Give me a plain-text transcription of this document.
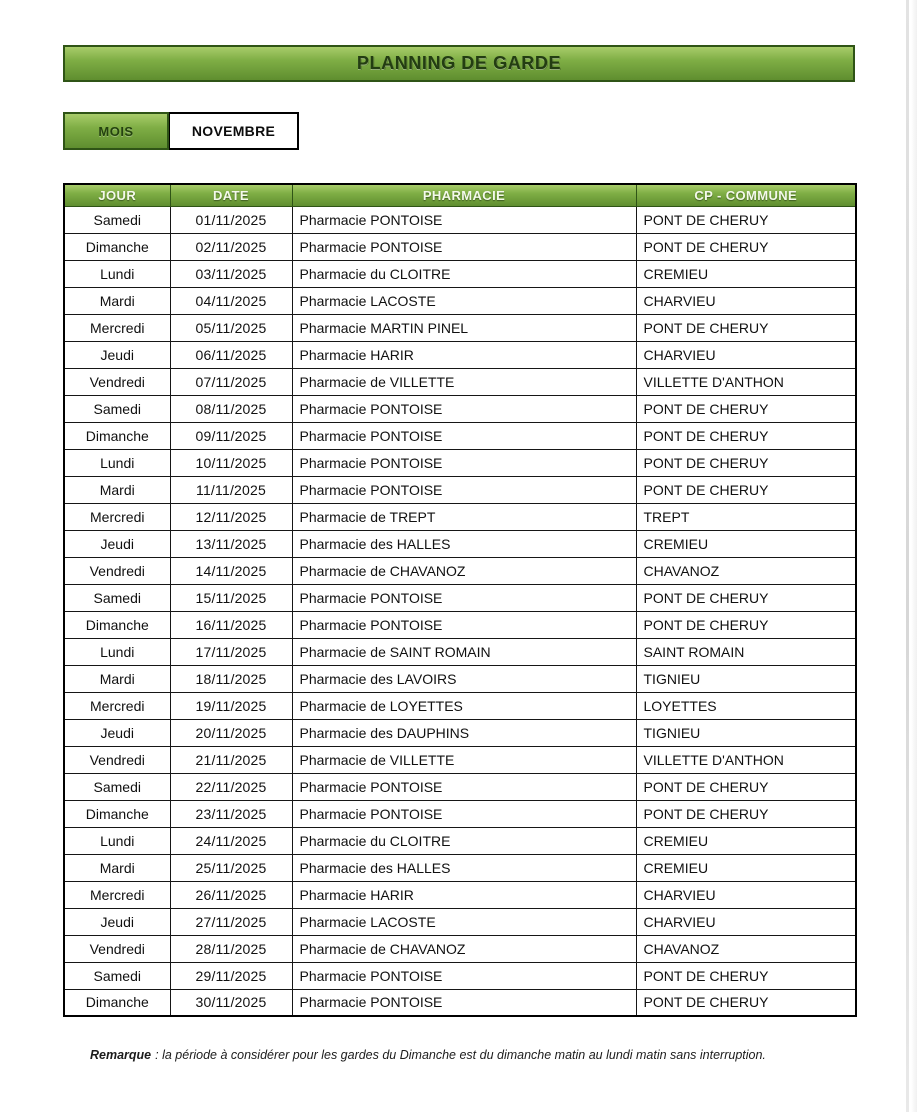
PLANNING DE GARDE
MOIS	NOVEMBRE
JOUR	DATE	PHARMACIE	CP - COMMUNE
Samedi	01/11/2025	Pharmacie PONTOISE	PONT DE CHERUY
Dimanche	02/11/2025	Pharmacie PONTOISE	PONT DE CHERUY
Lundi	03/11/2025	Pharmacie du CLOITRE	CREMIEU
Mardi	04/11/2025	Pharmacie LACOSTE	CHARVIEU
Mercredi	05/11/2025	Pharmacie MARTIN PINEL	PONT DE CHERUY
Jeudi	06/11/2025	Pharmacie HARIR	CHARVIEU
Vendredi	07/11/2025	Pharmacie de VILLETTE	VILLETTE D'ANTHON
Samedi	08/11/2025	Pharmacie PONTOISE	PONT DE CHERUY
Dimanche	09/11/2025	Pharmacie PONTOISE	PONT DE CHERUY
Lundi	10/11/2025	Pharmacie PONTOISE	PONT DE CHERUY
Mardi	11/11/2025	Pharmacie PONTOISE	PONT DE CHERUY
Mercredi	12/11/2025	Pharmacie de TREPT	TREPT
Jeudi	13/11/2025	Pharmacie des HALLES	CREMIEU
Vendredi	14/11/2025	Pharmacie de CHAVANOZ	CHAVANOZ
Samedi	15/11/2025	Pharmacie PONTOISE	PONT DE CHERUY
Dimanche	16/11/2025	Pharmacie PONTOISE	PONT DE CHERUY
Lundi	17/11/2025	Pharmacie de SAINT ROMAIN	SAINT ROMAIN
Mardi	18/11/2025	Pharmacie des LAVOIRS	TIGNIEU
Mercredi	19/11/2025	Pharmacie de LOYETTES	LOYETTES
Jeudi	20/11/2025	Pharmacie des DAUPHINS	TIGNIEU
Vendredi	21/11/2025	Pharmacie de VILLETTE	VILLETTE D'ANTHON
Samedi	22/11/2025	Pharmacie PONTOISE	PONT DE CHERUY
Dimanche	23/11/2025	Pharmacie PONTOISE	PONT DE CHERUY
Lundi	24/11/2025	Pharmacie du CLOITRE	CREMIEU
Mardi	25/11/2025	Pharmacie des HALLES	CREMIEU
Mercredi	26/11/2025	Pharmacie HARIR	CHARVIEU
Jeudi	27/11/2025	Pharmacie LACOSTE	CHARVIEU
Vendredi	28/11/2025	Pharmacie de CHAVANOZ	CHAVANOZ
Samedi	29/11/2025	Pharmacie PONTOISE	PONT DE CHERUY
Dimanche	30/11/2025	Pharmacie PONTOISE	PONT DE CHERUY
Remarque : la période à considérer pour les gardes du Dimanche est du dimanche matin au lundi matin sans interruption.
